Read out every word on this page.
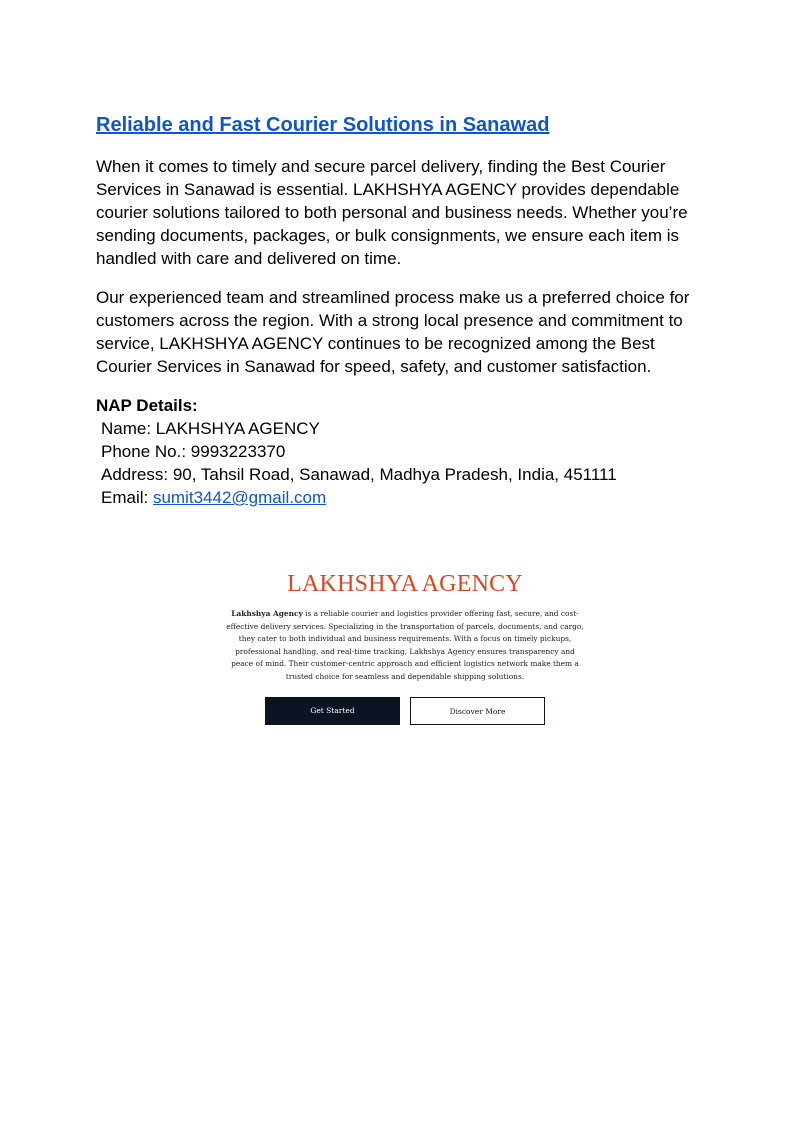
Reliable and Fast Courier Solutions in Sanawad

When it comes to timely and secure parcel delivery, finding the Best Courier Services in Sanawad is essential. LAKHSHYA AGENCY provides dependable courier solutions tailored to both personal and business needs. Whether you’re sending documents, packages, or bulk consignments, we ensure each item is handled with care and delivered on time.

Our experienced team and streamlined process make us a preferred choice for customers across the region. With a strong local presence and commitment to service, LAKHSHYA AGENCY continues to be recognized among the Best Courier Services in Sanawad for speed, safety, and customer satisfaction.

NAP Details:
Name: LAKHSHYA AGENCY
Phone No.: 9993223370
Address: 90, Tahsil Road, Sanawad, Madhya Pradesh, India, 451111
Email: sumit3442@gmail.com
LAKHSHYA AGENCY
Lakhshya Agency is a reliable courier and logistics provider offering fast, secure, and cost-effective delivery services. Specializing in the transportation of parcels, documents, and cargo, they cater to both individual and business requirements. With a focus on timely pickups, professional handling, and real-time tracking, Lakhshya Agency ensures transparency and peace of mind. Their customer-centric approach and efficient logistics network make them a trusted choice for seamless and dependable shipping solutions.
Get Started	Discover More
